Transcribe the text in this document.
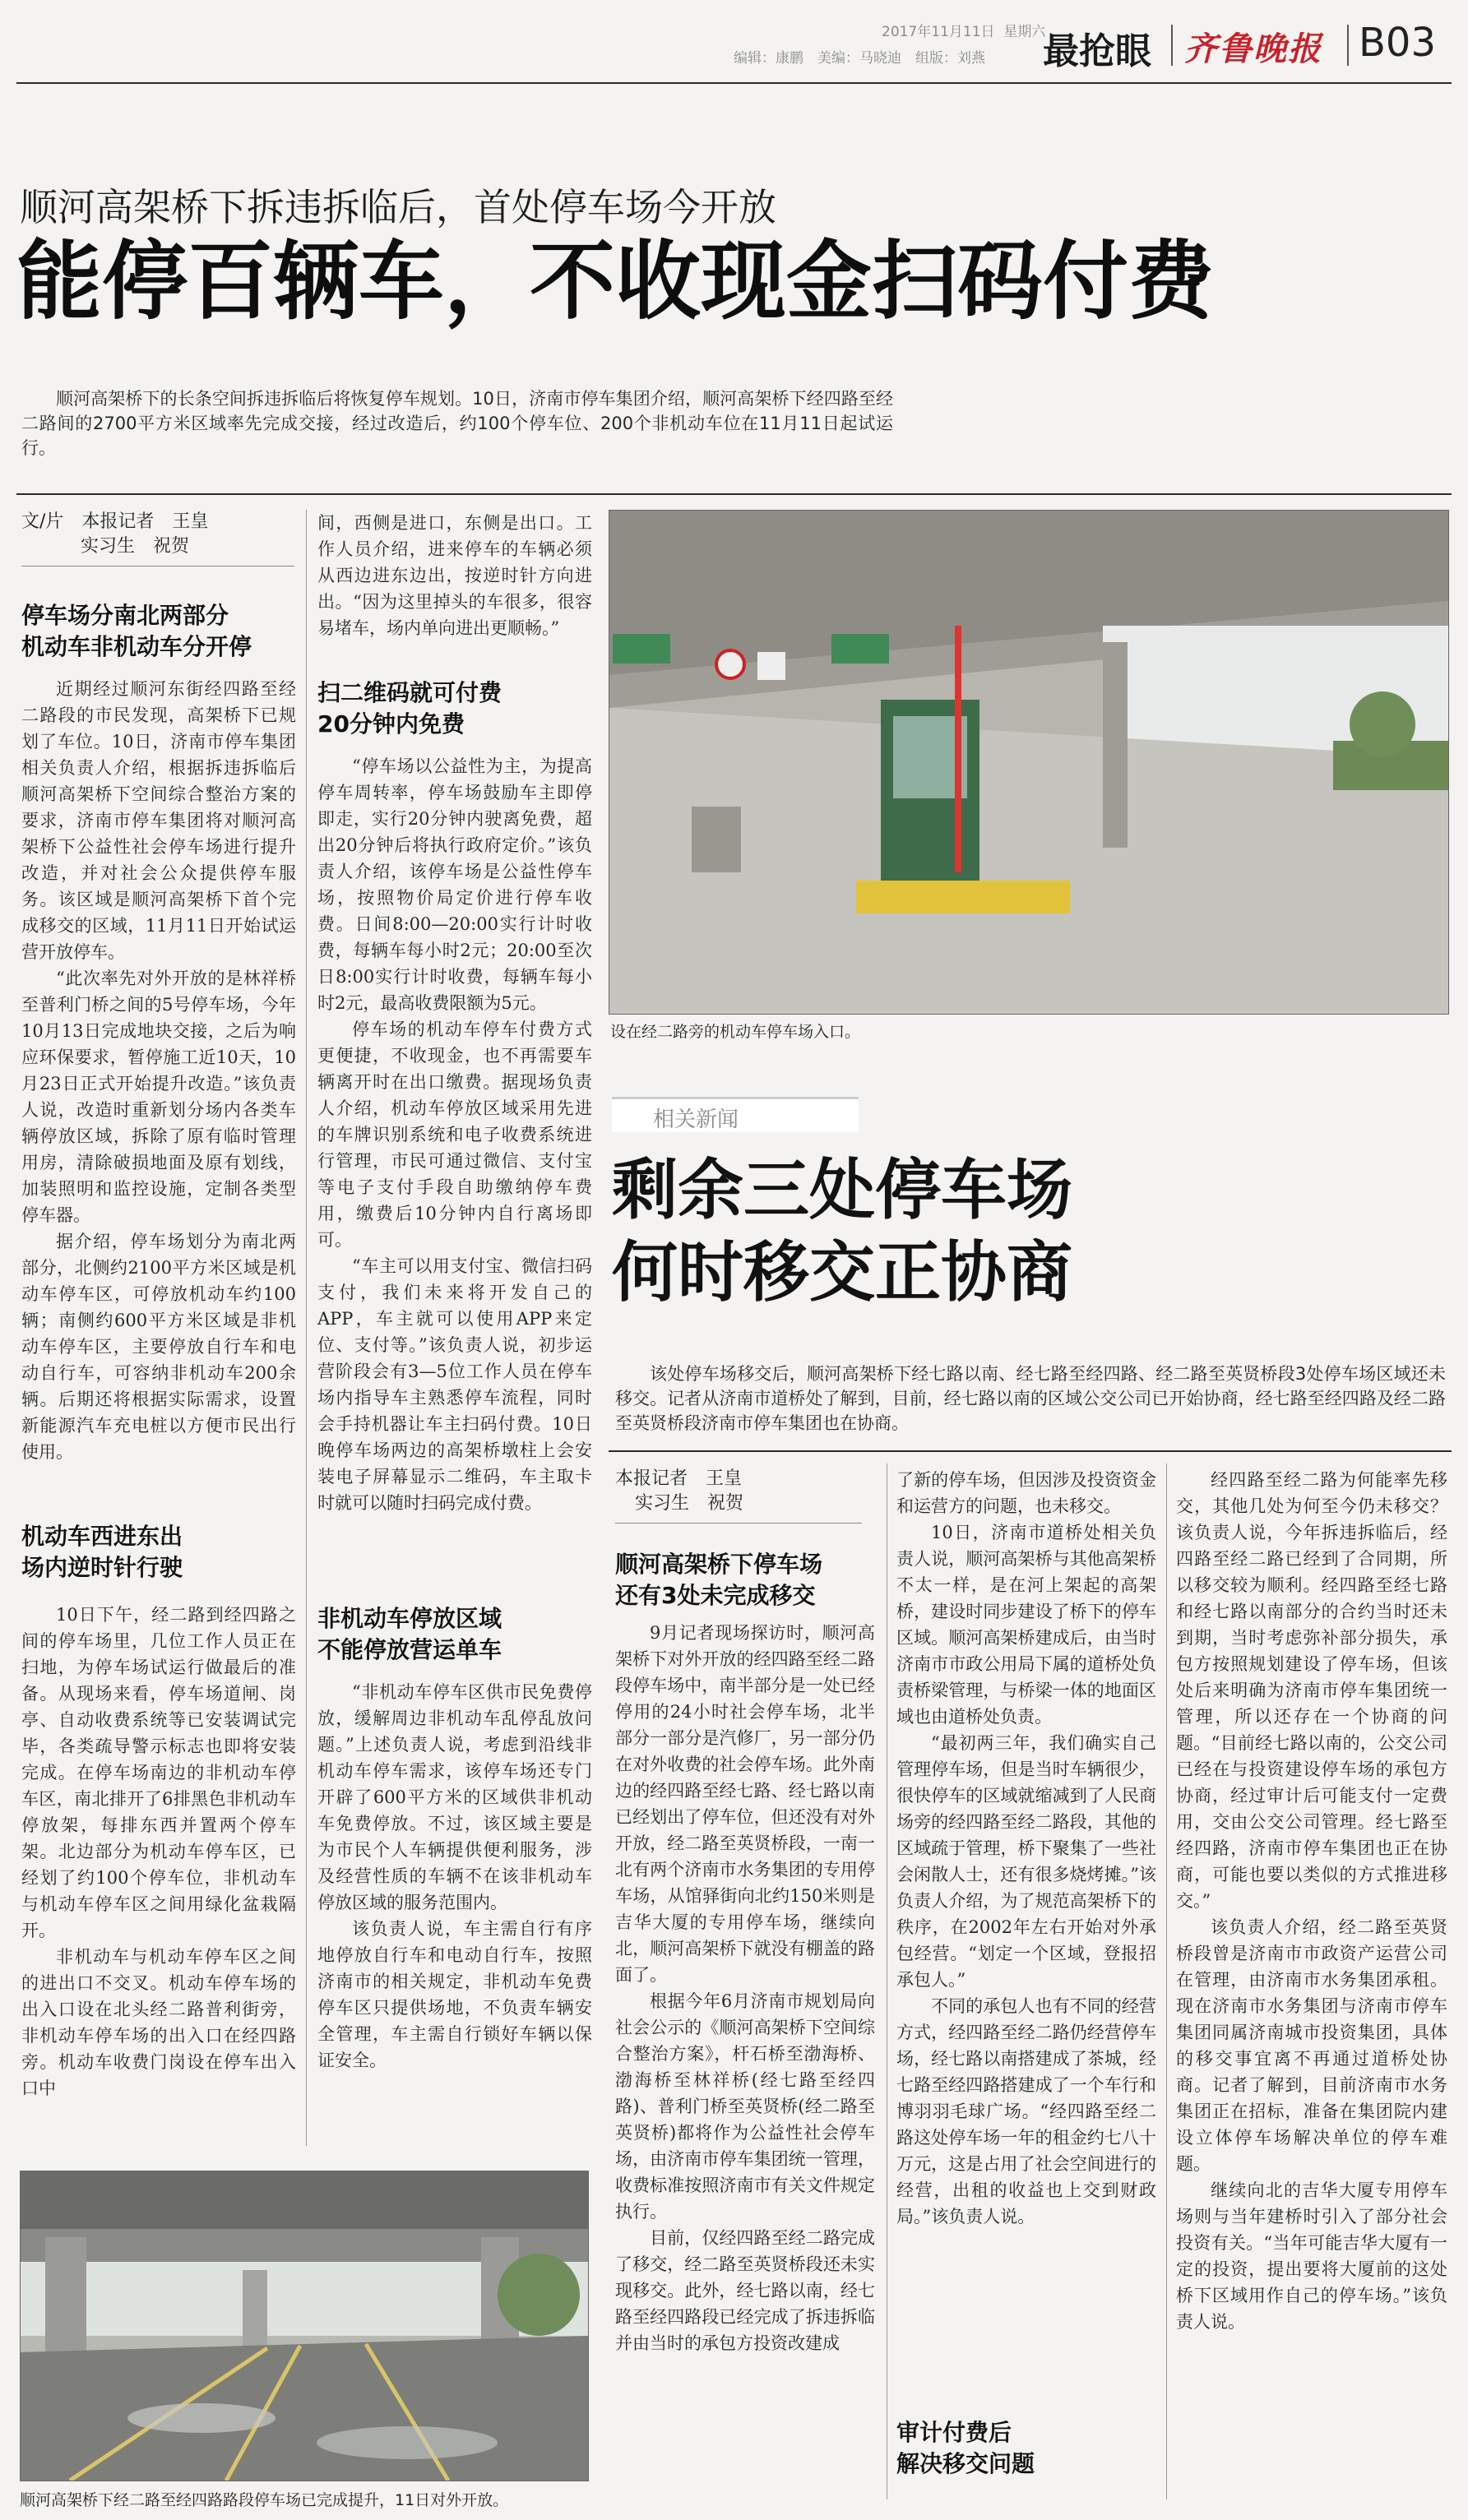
2017年11月11日 星期六
编辑：康鹏　美编：马晓迪　组版：刘燕 最抢眼 齐鲁晚报 B03
顺河高架桥下拆违拆临后，首处停车场今开放
能停百辆车，不收现金扫码付费

顺河高架桥下的长条空间拆违拆临后将恢复停车规划。10日，济南市停车集团介绍，顺河高架桥下经四路至经二路间的2700平方米区域率先完成交接，经过改造后，约100个停车位、200个非机动车位在11月11日起试运行。

文/片　本报记者　王皇
实习生　祝贺
停车场分南北两部分
机动车非机动车分开停

近期经过顺河东街经四路至经二路段的市民发现，高架桥下已规划了车位。10日，济南市停车集团相关负责人介绍，根据拆违拆临后顺河高架桥下空间综合整治方案的要求，济南市停车集团将对顺河高架桥下公益性社会停车场进行提升改造，并对社会公众提供停车服务。该区域是顺河高架桥下首个完成移交的区域，11月11日开始试运营开放停车。

“此次率先对外开放的是林祥桥至普利门桥之间的5号停车场，今年10月13日完成地块交接，之后为响应环保要求，暂停施工近10天，10月23日正式开始提升改造。”该负责人说，改造时重新划分场内各类车辆停放区域，拆除了原有临时管理用房，清除破损地面及原有划线，加装照明和监控设施，定制各类型停车器。

据介绍，停车场划分为南北两部分，北侧约2100平方米区域是机动车停车区，可停放机动车约100辆；南侧约600平方米区域是非机动车停车区，主要停放自行车和电动自行车，可容纳非机动车200余辆。后期还将根据实际需求，设置新能源汽车充电桩以方便市民出行使用。

机动车西进东出
场内逆时针行驶

10日下午，经二路到经四路之间的停车场里，几位工作人员正在扫地，为停车场试运行做最后的准备。从现场来看，停车场道闸、岗亭、自动收费系统等已安装调试完毕，各类疏导警示标志也即将安装完成。在停车场南边的非机动车停车区，南北排开了6排黑色非机动车停放架，每排东西并置两个停车架。北边部分为机动车停车区，已经划了约100个停车位，非机动车与机动车停车区之间用绿化盆栽隔开。

非机动车与机动车停车区之间的进出口不交叉。机动车停车场的出入口设在北头经二路普利街旁，非机动车停车场的出入口在经四路旁。机动车收费门岗设在停车出入口中

间，西侧是进口，东侧是出口。工作人员介绍，进来停车的车辆必须从西边进东边出，按逆时针方向进出。“因为这里掉头的车很多，很容易堵车，场内单向进出更顺畅。”

扫二维码就可付费
20分钟内免费

“停车场以公益性为主，为提高停车周转率，停车场鼓励车主即停即走，实行20分钟内驶离免费，超出20分钟后将执行政府定价。”该负责人介绍，该停车场是公益性停车场，按照物价局定价进行停车收费。日间8:00—20:00实行计时收费，每辆车每小时2元；20:00至次日8:00实行计时收费，每辆车每小时2元，最高收费限额为5元。

停车场的机动车停车付费方式更便捷，不收现金，也不再需要车辆离开时在出口缴费。据现场负责人介绍，机动车停放区域采用先进的车牌识别系统和电子收费系统进行管理，市民可通过微信、支付宝等电子支付手段自助缴纳停车费用，缴费后10分钟内自行离场即可。

“车主可以用支付宝、微信扫码支付，我们未来将开发自己的APP，车主就可以使用APP来定位、支付等。”该负责人说，初步运营阶段会有3—5位工作人员在停车场内指导车主熟悉停车流程，同时会手持机器让车主扫码付费。10日晚停车场两边的高架桥墩柱上会安装电子屏幕显示二维码，车主取卡时就可以随时扫码完成付费。

非机动车停放区域
不能停放营运单车

“非机动车停车区供市民免费停放，缓解周边非机动车乱停乱放问题。”上述负责人说，考虑到沿线非机动车停车需求，该停车场还专门开辟了600平方米的区域供非机动车免费停放。不过，该区域主要是为市民个人车辆提供便利服务，涉及经营性质的车辆不在该非机动车停放区域的服务范围内。

该负责人说，车主需自行有序地停放自行车和电动自行车，按照济南市的相关规定，非机动车免费停车区只提供场地，不负责车辆安全管理，车主需自行锁好车辆以保证安全。

顺河高架桥下经二路至经四路路段停车场已完成提升，11日对外开放。
设在经二路旁的机动车停车场入口。
相关新闻
剩余三处停车场
何时移交正协商

该处停车场移交后，顺河高架桥下经七路以南、经七路至经四路、经二路至英贤桥段3处停车场区域还未移交。记者从济南市道桥处了解到，目前，经七路以南的区域公交公司已开始协商，经七路至经四路及经二路至英贤桥段济南市停车集团也在协商。

本报记者　王皇
实习生　祝贺
顺河高架桥下停车场
还有3处未完成移交

9月记者现场探访时，顺河高架桥下对外开放的经四路至经二路段停车场中，南半部分是一处已经停用的24小时社会停车场，北半部分一部分是汽修厂，另一部分仍在对外收费的社会停车场。此外南边的经四路至经七路、经七路以南已经划出了停车位，但还没有对外开放，经二路至英贤桥段，一南一北有两个济南市水务集团的专用停车场，从馆驿街向北约150米则是吉华大厦的专用停车场，继续向北，顺河高架桥下就没有棚盖的路面了。

根据今年6月济南市规划局向社会公示的《顺河高架桥下空间综合整治方案》，杆石桥至渤海桥、渤海桥至林祥桥(经七路至经四路)、普利门桥至英贤桥(经二路至英贤桥)都将作为公益性社会停车场，由济南市停车集团统一管理，收费标准按照济南市有关文件规定执行。

目前，仅经四路至经二路完成了移交，经二路至英贤桥段还未实现移交。此外，经七路以南，经七路至经四路段已经完成了拆违拆临并由当时的承包方投资改建成

了新的停车场，但因涉及投资资金和运营方的问题，也未移交。

10日，济南市道桥处相关负责人说，顺河高架桥与其他高架桥不太一样，是在河上架起的高架桥，建设时同步建设了桥下的停车区域。顺河高架桥建成后，由当时济南市市政公用局下属的道桥处负责桥梁管理，与桥梁一体的地面区域也由道桥处负责。

“最初两三年，我们确实自己管理停车场，但是当时车辆很少，很快停车的区域就缩减到了人民商场旁的经四路至经二路段，其他的区域疏于管理，桥下聚集了一些社会闲散人士，还有很多烧烤摊。”该负责人介绍，为了规范高架桥下的秩序，在2002年左右开始对外承包经营。“划定一个区域，登报招承包人。”

不同的承包人也有不同的经营方式，经四路至经二路仍经营停车场，经七路以南搭建成了茶城，经七路至经四路搭建成了一个车行和博羽羽毛球广场。“经四路至经二路这处停车场一年的租金约七八十万元，这是占用了社会空间进行的经营，出租的收益也上交到财政局。”该负责人说。

审计付费后
解决移交问题

经四路至经二路为何能率先移交，其他几处为何至今仍未移交？该负责人说，今年拆违拆临后，经四路至经二路已经到了合同期，所以移交较为顺利。经四路至经七路和经七路以南部分的合约当时还未到期，当时考虑弥补部分损失，承包方按照规划建设了停车场，但该处后来明确为济南市停车集团统一管理，所以还存在一个协商的问题。“目前经七路以南的，公交公司已经在与投资建设停车场的承包方协商，经过审计后可能支付一定费用，交由公交公司管理。经七路至经四路，济南市停车集团也正在协商，可能也要以类似的方式推进移交。”

该负责人介绍，经二路至英贤桥段曾是济南市市政资产运营公司在管理，由济南市水务集团承租。现在济南市水务集团与济南市停车集团同属济南城市投资集团，具体的移交事宜离不再通过道桥处协商。记者了解到，目前济南市水务集团正在招标，准备在集团院内建设立体停车场解决单位的停车难题。

继续向北的吉华大厦专用停车场则与当年建桥时引入了部分社会投资有关。“当年可能吉华大厦有一定的投资，提出要将大厦前的这处桥下区域用作自己的停车场。”该负责人说。
